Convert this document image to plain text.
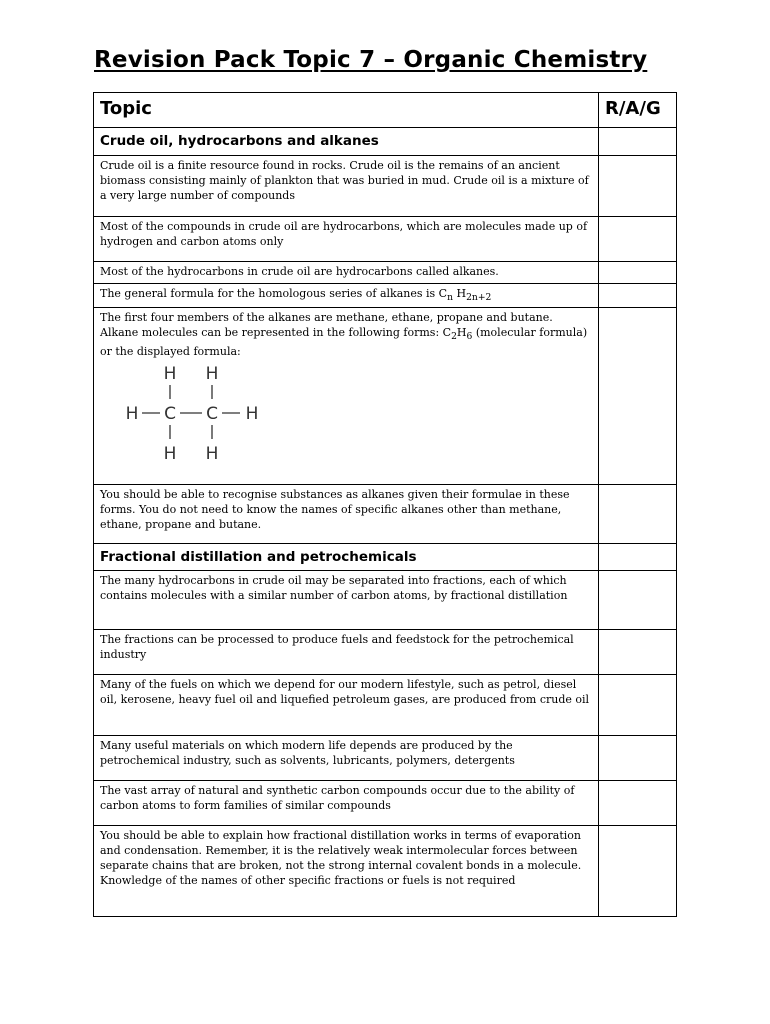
Revision Pack Topic 7 – Organic Chemistry
Topic	R/A/G
Crude oil, hydrocarbons and alkanes
Crude oil is a finite resource found in rocks. Crude oil is the remains of an ancient biomass consisting mainly of plankton that was buried in mud. Crude oil is a mixture of a very large number of compounds
Most of the compounds in crude oil are hydrocarbons, which are molecules made up of hydrogen and carbon atoms only
Most of the hydrocarbons in crude oil are hydrocarbons called alkanes.
The general formula for the homologous series of alkanes is $C_n$ $H_{2n+2}$
The first four members of the alkanes are methane, ethane, propane and butane.
Alkane molecules can be represented in the following forms: $C_2H_6$ (molecular formula) or the displayed formula:
H H
H C C H
H H
You should be able to recognise substances as alkanes given their formulae in these forms. You do not need to know the names of specific alkanes other than methane, ethane, propane and butane.
Fractional distillation and petrochemicals
The many hydrocarbons in crude oil may be separated into fractions, each of which contains molecules with a similar number of carbon atoms, by fractional distillation
The fractions can be processed to produce fuels and feedstock for the petrochemical industry
Many of the fuels on which we depend for our modern lifestyle, such as petrol, diesel oil, kerosene, heavy fuel oil and liquefied petroleum gases, are produced from crude oil
Many useful materials on which modern life depends are produced by the petrochemical industry, such as solvents, lubricants, polymers, detergents
The vast array of natural and synthetic carbon compounds occur due to the ability of carbon atoms to form families of similar compounds
You should be able to explain how fractional distillation works in terms of evaporation and condensation. Remember, it is the relatively weak intermolecular forces between separate chains that are broken, not the strong internal covalent bonds in a molecule. Knowledge of the names of other specific fractions or fuels is not required
